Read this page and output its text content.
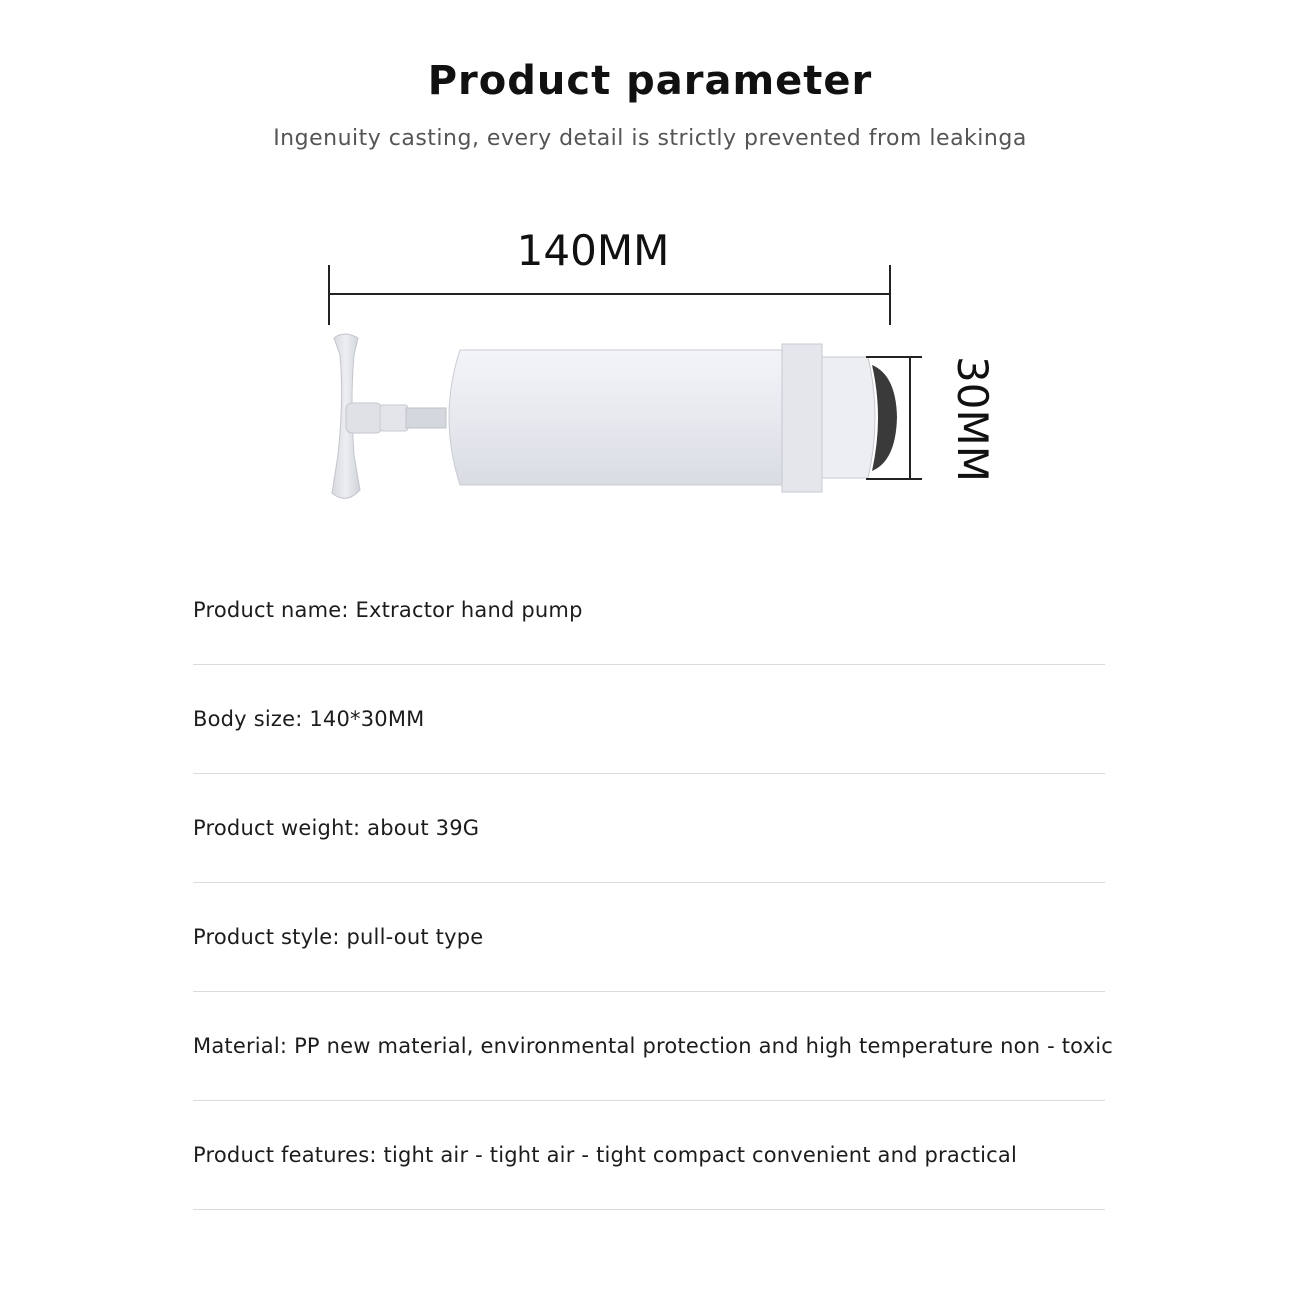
Product parameter
Ingenuity casting, every detail is strictly prevented from leakinga
140MM
30MM
Product name: Extractor hand pump
Body size: 140*30MM
Product weight: about 39G
Product style: pull-out type
Material: PP new material, environmental protection and high temperature non - toxic
Product features: tight air - tight air - tight compact convenient and practical
